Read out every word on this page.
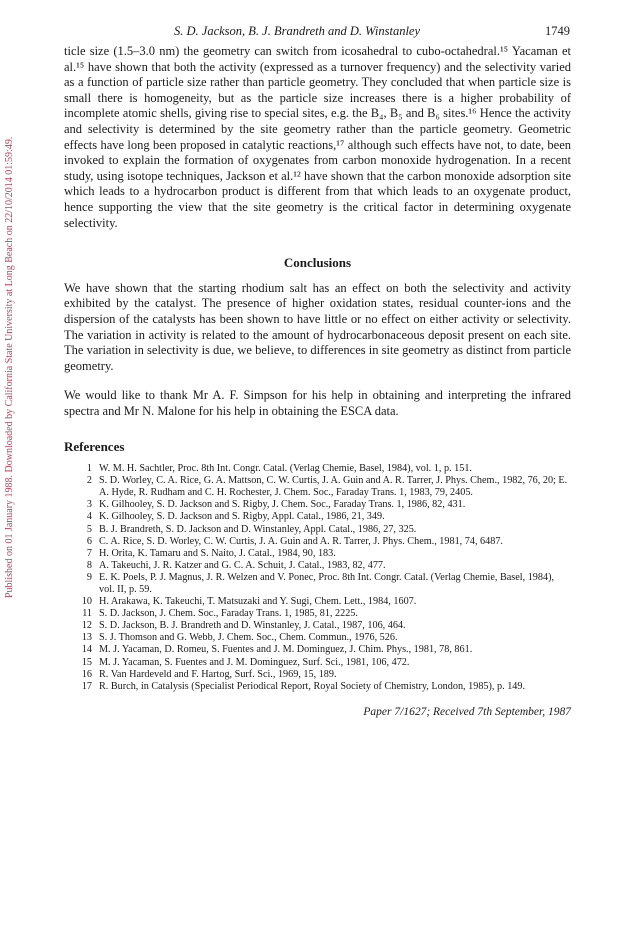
Published on 01 January 1988. Downloaded by California State University at Long Beach on 22/10/2014 01:59:49.
S. D. Jackson, B. J. Brandreth and D. Winstanley	1749

ticle size (1.5–3.0 nm) the geometry can switch from icosahedral to cubo-octahedral.¹⁵ Yacaman et al.¹⁵ have shown that both the activity (expressed as a turnover frequency) and the selectivity varied as a function of particle size rather than particle geometry. They concluded that when particle size is small there is homogeneity, but as the particle size increases there is a higher probability of incomplete atomic shells, giving rise to special sites, e.g. the B₄, B₅ and B₆ sites.¹⁶ Hence the activity and selectivity is determined by the site geometry rather than the particle geometry. Geometric effects have long been proposed in catalytic reactions,¹⁷ although such effects have not, to date, been invoked to explain the formation of oxygenates from carbon monoxide hydrogenation. In a recent study, using isotope techniques, Jackson et al.¹² have shown that the carbon monoxide adsorption site which leads to a hydrocarbon product is different from that which leads to an oxygenate product, hence supporting the view that the site geometry is the critical factor in determining oxygenate selectivity.

Conclusions

We have shown that the starting rhodium salt has an effect on both the selectivity and activity exhibited by the catalyst. The presence of higher oxidation states, residual counter-ions and the dispersion of the catalysts has been shown to have little or no effect on either activity or selectivity. The variation in activity is related to the amount of hydrocarbonaceous deposit present on each site. The variation in selectivity is due, we believe, to differences in site geometry as distinct from particle geometry.

We would like to thank Mr A. F. Simpson for his help in obtaining and interpreting the infrared spectra and Mr N. Malone for his help in obtaining the ESCA data.

References
1 W. M. H. Sachtler, Proc. 8th Int. Congr. Catal. (Verlag Chemie, Basel, 1984), vol. 1, p. 151.
2 S. D. Worley, C. A. Rice, G. A. Mattson, C. W. Curtis, J. A. Guin and A. R. Tarrer, J. Phys. Chem., 1982, 76, 20; E. A. Hyde, R. Rudham and C. H. Rochester, J. Chem. Soc., Faraday Trans. 1, 1983, 79, 2405.
3 K. Gilhooley, S. D. Jackson and S. Rigby, J. Chem. Soc., Faraday Trans. 1, 1986, 82, 431.
4 K. Gilhooley, S. D. Jackson and S. Rigby, Appl. Catal., 1986, 21, 349.
5 B. J. Brandreth, S. D. Jackson and D. Winstanley, Appl. Catal., 1986, 27, 325.
6 C. A. Rice, S. D. Worley, C. W. Curtis, J. A. Guin and A. R. Tarrer, J. Phys. Chem., 1981, 74, 6487.
7 H. Orita, K. Tamaru and S. Naito, J. Catal., 1984, 90, 183.
8 A. Takeuchi, J. R. Katzer and G. C. A. Schuit, J. Catal., 1983, 82, 477.
9 E. K. Poels, P. J. Magnus, J. R. Welzen and V. Ponec, Proc. 8th Int. Congr. Catal. (Verlag Chemie, Basel, 1984), vol. II, p. 59.
10 H. Arakawa, K. Takeuchi, T. Matsuzaki and Y. Sugi, Chem. Lett., 1984, 1607.
11 S. D. Jackson, J. Chem. Soc., Faraday Trans. 1, 1985, 81, 2225.
12 S. D. Jackson, B. J. Brandreth and D. Winstanley, J. Catal., 1987, 106, 464.
13 S. J. Thomson and G. Webb, J. Chem. Soc., Chem. Commun., 1976, 526.
14 M. J. Yacaman, D. Romeu, S. Fuentes and J. M. Dominguez, J. Chim. Phys., 1981, 78, 861.
15 M. J. Yacaman, S. Fuentes and J. M. Dominguez, Surf. Sci., 1981, 106, 472.
16 R. Van Hardeveld and F. Hartog, Surf. Sci., 1969, 15, 189.
17 R. Burch, in Catalysis (Specialist Periodical Report, Royal Society of Chemistry, London, 1985), p. 149.
Paper 7/1627; Received 7th September, 1987
